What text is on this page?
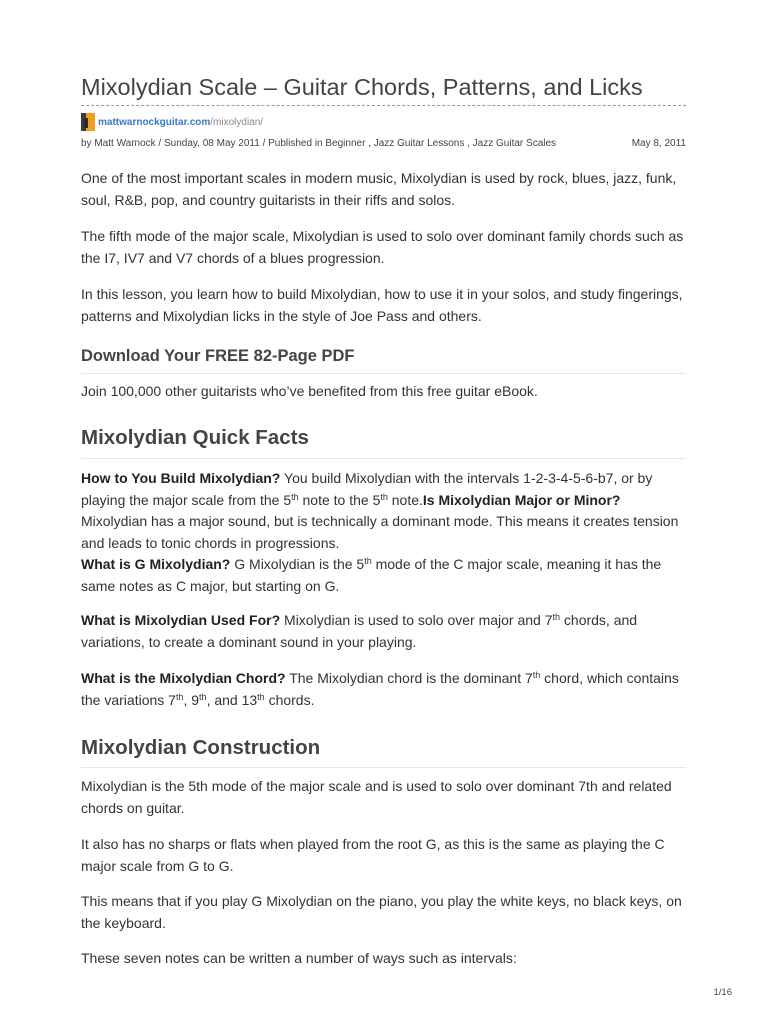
Mixolydian Scale – Guitar Chords, Patterns, and Licks
mattwarnockguitar.com /mixolydian/
by Matt Warnock / Sunday, 08 May 2011 / Published in Beginner , Jazz Guitar Lessons , Jazz Guitar Scales	May 8, 2011

One of the most important scales in modern music, Mixolydian is used by rock, blues, jazz, funk, soul, R&B, pop, and country guitarists in their riffs and solos.

The fifth mode of the major scale, Mixolydian is used to solo over dominant family chords such as the I7, IV7 and V7 chords of a blues progression.

In this lesson, you learn how to build Mixolydian, how to use it in your solos, and study fingerings, patterns and Mixolydian licks in the style of Joe Pass and others.

Download Your FREE 82-Page PDF

Join 100,000 other guitarists who’ve benefited from this free guitar eBook.

Mixolydian Quick Facts

How to You Build Mixolydian? You build Mixolydian with the intervals 1-2-3-4-5-6-b7, or by playing the major scale from the 5th note to the 5th note.Is Mixolydian Major or Minor? Mixolydian has a major sound, but is technically a dominant mode. This means it creates tension and leads to tonic chords in progressions.
What is G Mixolydian? G Mixolydian is the 5th mode of the C major scale, meaning it has the same notes as C major, but starting on G.

What is Mixolydian Used For? Mixolydian is used to solo over major and 7th chords, and variations, to create a dominant sound in your playing.

What is the Mixolydian Chord? The Mixolydian chord is the dominant 7th chord, which contains the variations 7th, 9th, and 13th chords.

Mixolydian Construction

Mixolydian is the 5th mode of the major scale and is used to solo over dominant 7th and related chords on guitar.

It also has no sharps or flats when played from the root G, as this is the same as playing the C major scale from G to G.

This means that if you play G Mixolydian on the piano, you play the white keys, no black keys, on the keyboard.

These seven notes can be written a number of ways such as intervals:

1/16
